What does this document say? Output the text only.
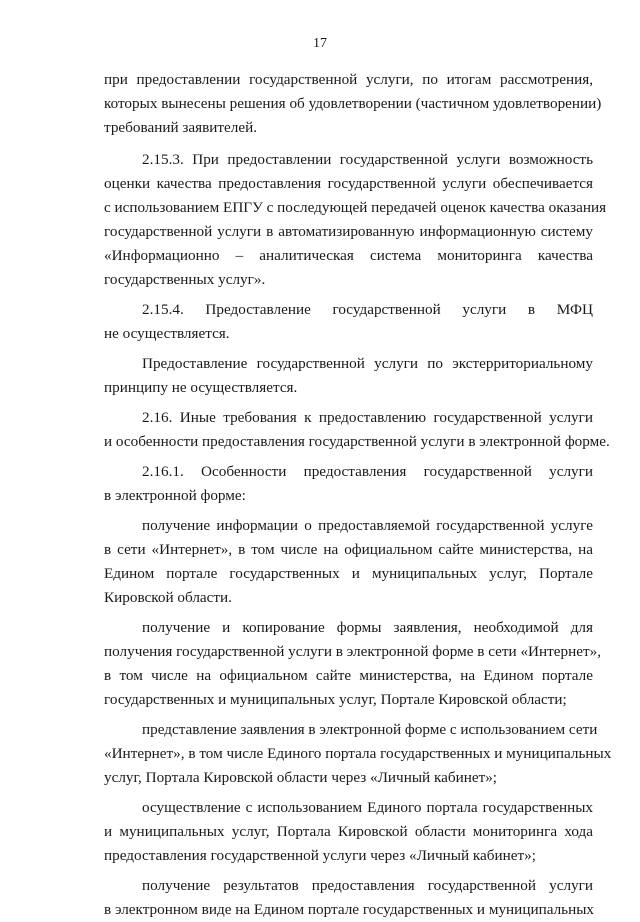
17

при предоставлении государственной услуги, по итогам рассмотрения,
которых вынесены решения об удовлетворении (частичном удовлетворении)
требований заявителей.

2.15.3. При предоставлении государственной услуги возможность
оценки качества предоставления государственной услуги обеспечивается
с использованием ЕПГУ с последующей передачей оценок качества оказания
государственной услуги в автоматизированную информационную систему
«Информационно – аналитическая система мониторинга качества
государственных услуг».

2.15.4. Предоставление государственной услуги в МФЦ
не осуществляется.

Предоставление государственной услуги по экстерриториальному
принципу не осуществляется.

2.16. Иные требования к предоставлению государственной услуги
и особенности предоставления государственной услуги в электронной форме.

2.16.1. Особенности предоставления государственной услуги
в электронной форме:

получение информации о предоставляемой государственной услуге
в сети «Интернет», в том числе на официальном сайте министерства, на
Едином портале государственных и муниципальных услуг, Портале
Кировской области.

получение и копирование формы заявления, необходимой для
получения государственной услуги в электронной форме в сети «Интернет»,
в том числе на официальном сайте министерства, на Едином портале
государственных и муниципальных услуг, Портале Кировской области;

представление заявления в электронной форме с использованием сети
«Интернет», в том числе Единого портала государственных и муниципальных
услуг, Портала Кировской области через «Личный кабинет»;

осуществление с использованием Единого портала государственных
и муниципальных услуг, Портала Кировской области мониторинга хода
предоставления государственной услуги через «Личный кабинет»;

получение результатов предоставления государственной услуги
в электронном виде на Едином портале государственных и муниципальных
